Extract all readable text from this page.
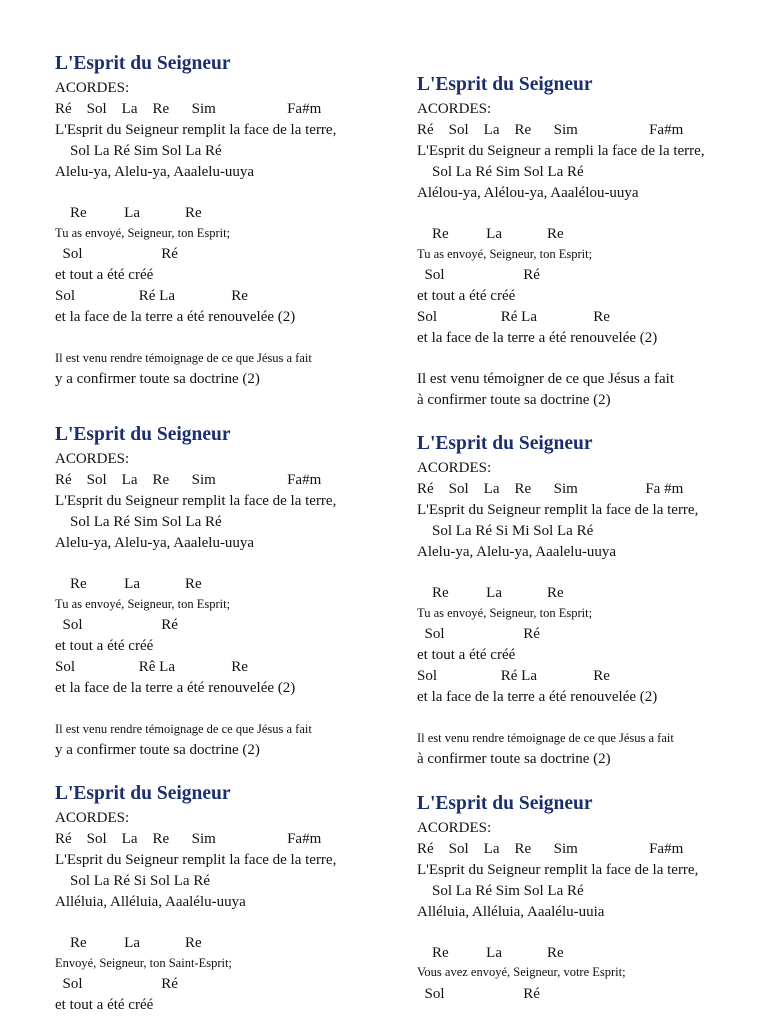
L'Esprit du Seigneur
ACORDES:
Ré    Sol    La    Re      Sim                   Fa#m
L'Esprit du Seigneur remplit la face de la terre,
Sol La Ré Sim Sol La Ré
Alelu-ya, Alelu-ya, Aaalelu-uuya
Re          La            Re
Tu as envoyé, Seigneur, ton Esprit;
Sol                     Ré
et tout a été créé
Sol                 Ré La               Re
et la face de la terre a été renouvelée (2)
Il est venu rendre témoignage de ce que Jésus a fait
y a confirmer toute sa doctrine (2)
L'Esprit du Seigneur
ACORDES:
Ré    Sol    La    Re      Sim                   Fa#m
L'Esprit du Seigneur remplit la face de la terre,
Sol La Ré Sim Sol La Ré
Alelu-ya, Alelu-ya, Aaalelu-uuya
Re          La            Re
Tu as envoyé, Seigneur, ton Esprit;
Sol                     Ré
et tout a été créé
Sol                 Rê La               Re
et la face de la terre a été renouvelée (2)
Il est venu rendre témoignage de ce que Jésus a fait
y a confirmer toute sa doctrine (2)
L'Esprit du Seigneur
ACORDES:
Ré    Sol    La    Re      Sim                   Fa#m
L'Esprit du Seigneur remplit la face de la terre,
Sol La Ré Si Sol La Ré
Alléluia, Alléluia, Aaalélu-uuya
Re          La            Re
Envoyé, Seigneur, ton Saint-Esprit;
Sol                     Ré
et tout a été créé
L'Esprit du Seigneur
ACORDES:
Ré    Sol    La    Re      Sim                   Fa#m
L'Esprit du Seigneur a rempli la face de la terre,
Sol La Ré Sim Sol La Ré
Alélou-ya, Alélou-ya, Aaalélou-uuya
Re          La            Re
Tu as envoyé, Seigneur, ton Esprit;
Sol                     Ré
et tout a été créé
Sol                 Ré La               Re
et la face de la terre a été renouvelée (2)
Il est venu témoigner de ce que Jésus a fait
à confirmer toute sa doctrine (2)
L'Esprit du Seigneur
ACORDES:
Ré    Sol    La    Re      Sim                  Fa #m
L'Esprit du Seigneur remplit la face de la terre,
Sol La Ré Si Mi Sol La Ré
Alelu-ya, Alelu-ya, Aaalelu-uuya
Re          La            Re
Tu as envoyé, Seigneur, ton Esprit;
Sol                     Ré
et tout a été créé
Sol                 Ré La               Re
et la face de la terre a été renouvelée (2)
Il est venu rendre témoignage de ce que Jésus a fait
à confirmer toute sa doctrine (2)
L'Esprit du Seigneur
ACORDES:
Ré    Sol    La    Re      Sim                   Fa#m
L'Esprit du Seigneur remplit la face de la terre,
Sol La Ré Sim Sol La Ré
Alléluia, Alléluia, Aaalélu-uuia
Re          La            Re
Vous avez envoyé, Seigneur, votre Esprit;
Sol                     Ré
